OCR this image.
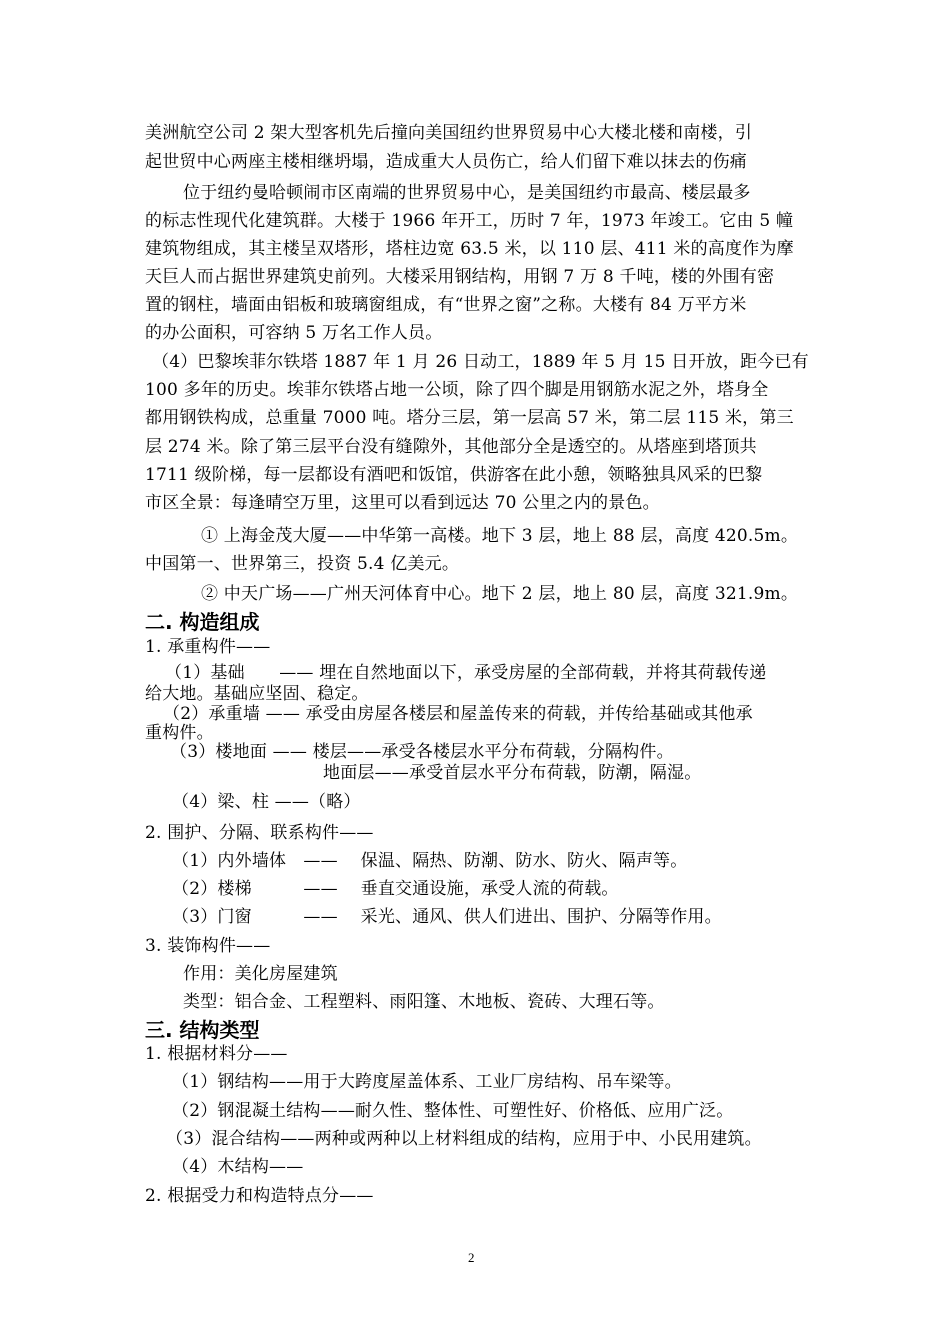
美洲航空公司 2 架大型客机先后撞向美国纽约世界贸易中心大楼北楼和南楼，引
起世贸中心两座主楼相继坍塌，造成重大人员伤亡，给人们留下难以抹去的伤痛
位于纽约曼哈顿闹市区南端的世界贸易中心，是美国纽约市最高、楼层最多
的标志性现代化建筑群。大楼于 1966 年开工，历时 7 年，1973 年竣工。它由 5 幢
建筑物组成，其主楼呈双塔形，塔柱边宽 63.5 米，以 110 层、411 米的高度作为摩
天巨人而占据世界建筑史前列。大楼采用钢结构，用钢 7 万 8 千吨，楼的外围有密
置的钢柱，墙面由铝板和玻璃窗组成，有“世界之窗”之称。大楼有 84 万平方米
的办公面积，可容纳 5 万名工作人员。
（4）巴黎埃菲尔铁塔 1887 年 1 月 26 日动工，1889 年 5 月 15 日开放，距今已有
100 多年的历史。埃菲尔铁塔占地一公顷，除了四个脚是用钢筋水泥之外，塔身全
都用钢铁构成，总重量 7000 吨。塔分三层，第一层高 57 米，第二层 115 米，第三
层 274 米。除了第三层平台没有缝隙外，其他部分全是透空的。从塔座到塔顶共
1711 级阶梯，每一层都设有酒吧和饭馆，供游客在此小憩，领略独具风采的巴黎
市区全景：每逢晴空万里，这里可以看到远达 70 公里之内的景色。
① 上海金茂大厦——中华第一高楼。地下 3 层，地上 88 层，高度 420.5m。
中国第一、世界第三，投资 5.4 亿美元。
② 中天广场——广州天河体育中心。地下 2 层，地上 80 层，高度 321.9m。
二. 构造组成
1. 承重构件——
（1）基础　　—— 埋在自然地面以下，承受房屋的全部荷载，并将其荷载传递
给大地。基础应坚固、稳定。
（2）承重墙 —— 承受由房屋各楼层和屋盖传来的荷载，并传给基础或其他承
重构件。
（3）楼地面 —— 楼层——承受各楼层水平分布荷载，分隔构件。
地面层——承受首层水平分布荷载，防潮，隔湿。
（4）梁、柱 ——（略）
2. 围护、分隔、联系构件——
（1）内外墙体　——　 保温、隔热、防潮、防水、防火、隔声等。
（2）楼梯　　　——　 垂直交通设施，承受人流的荷载。
（3）门窗　　　——　 采光、通风、供人们进出、围护、分隔等作用。
3. 装饰构件——
作用：美化房屋建筑
类型：铝合金、工程塑料、雨阳篷、木地板、瓷砖、大理石等。
三. 结构类型
1. 根据材料分——
（1）钢结构——用于大跨度屋盖体系、工业厂房结构、吊车梁等。
（2）钢混凝土结构——耐久性、整体性、可塑性好、价格低、应用广泛。
（3）混合结构——两种或两种以上材料组成的结构，应用于中、小民用建筑。
（4）木结构——
2. 根据受力和构造特点分——
2
